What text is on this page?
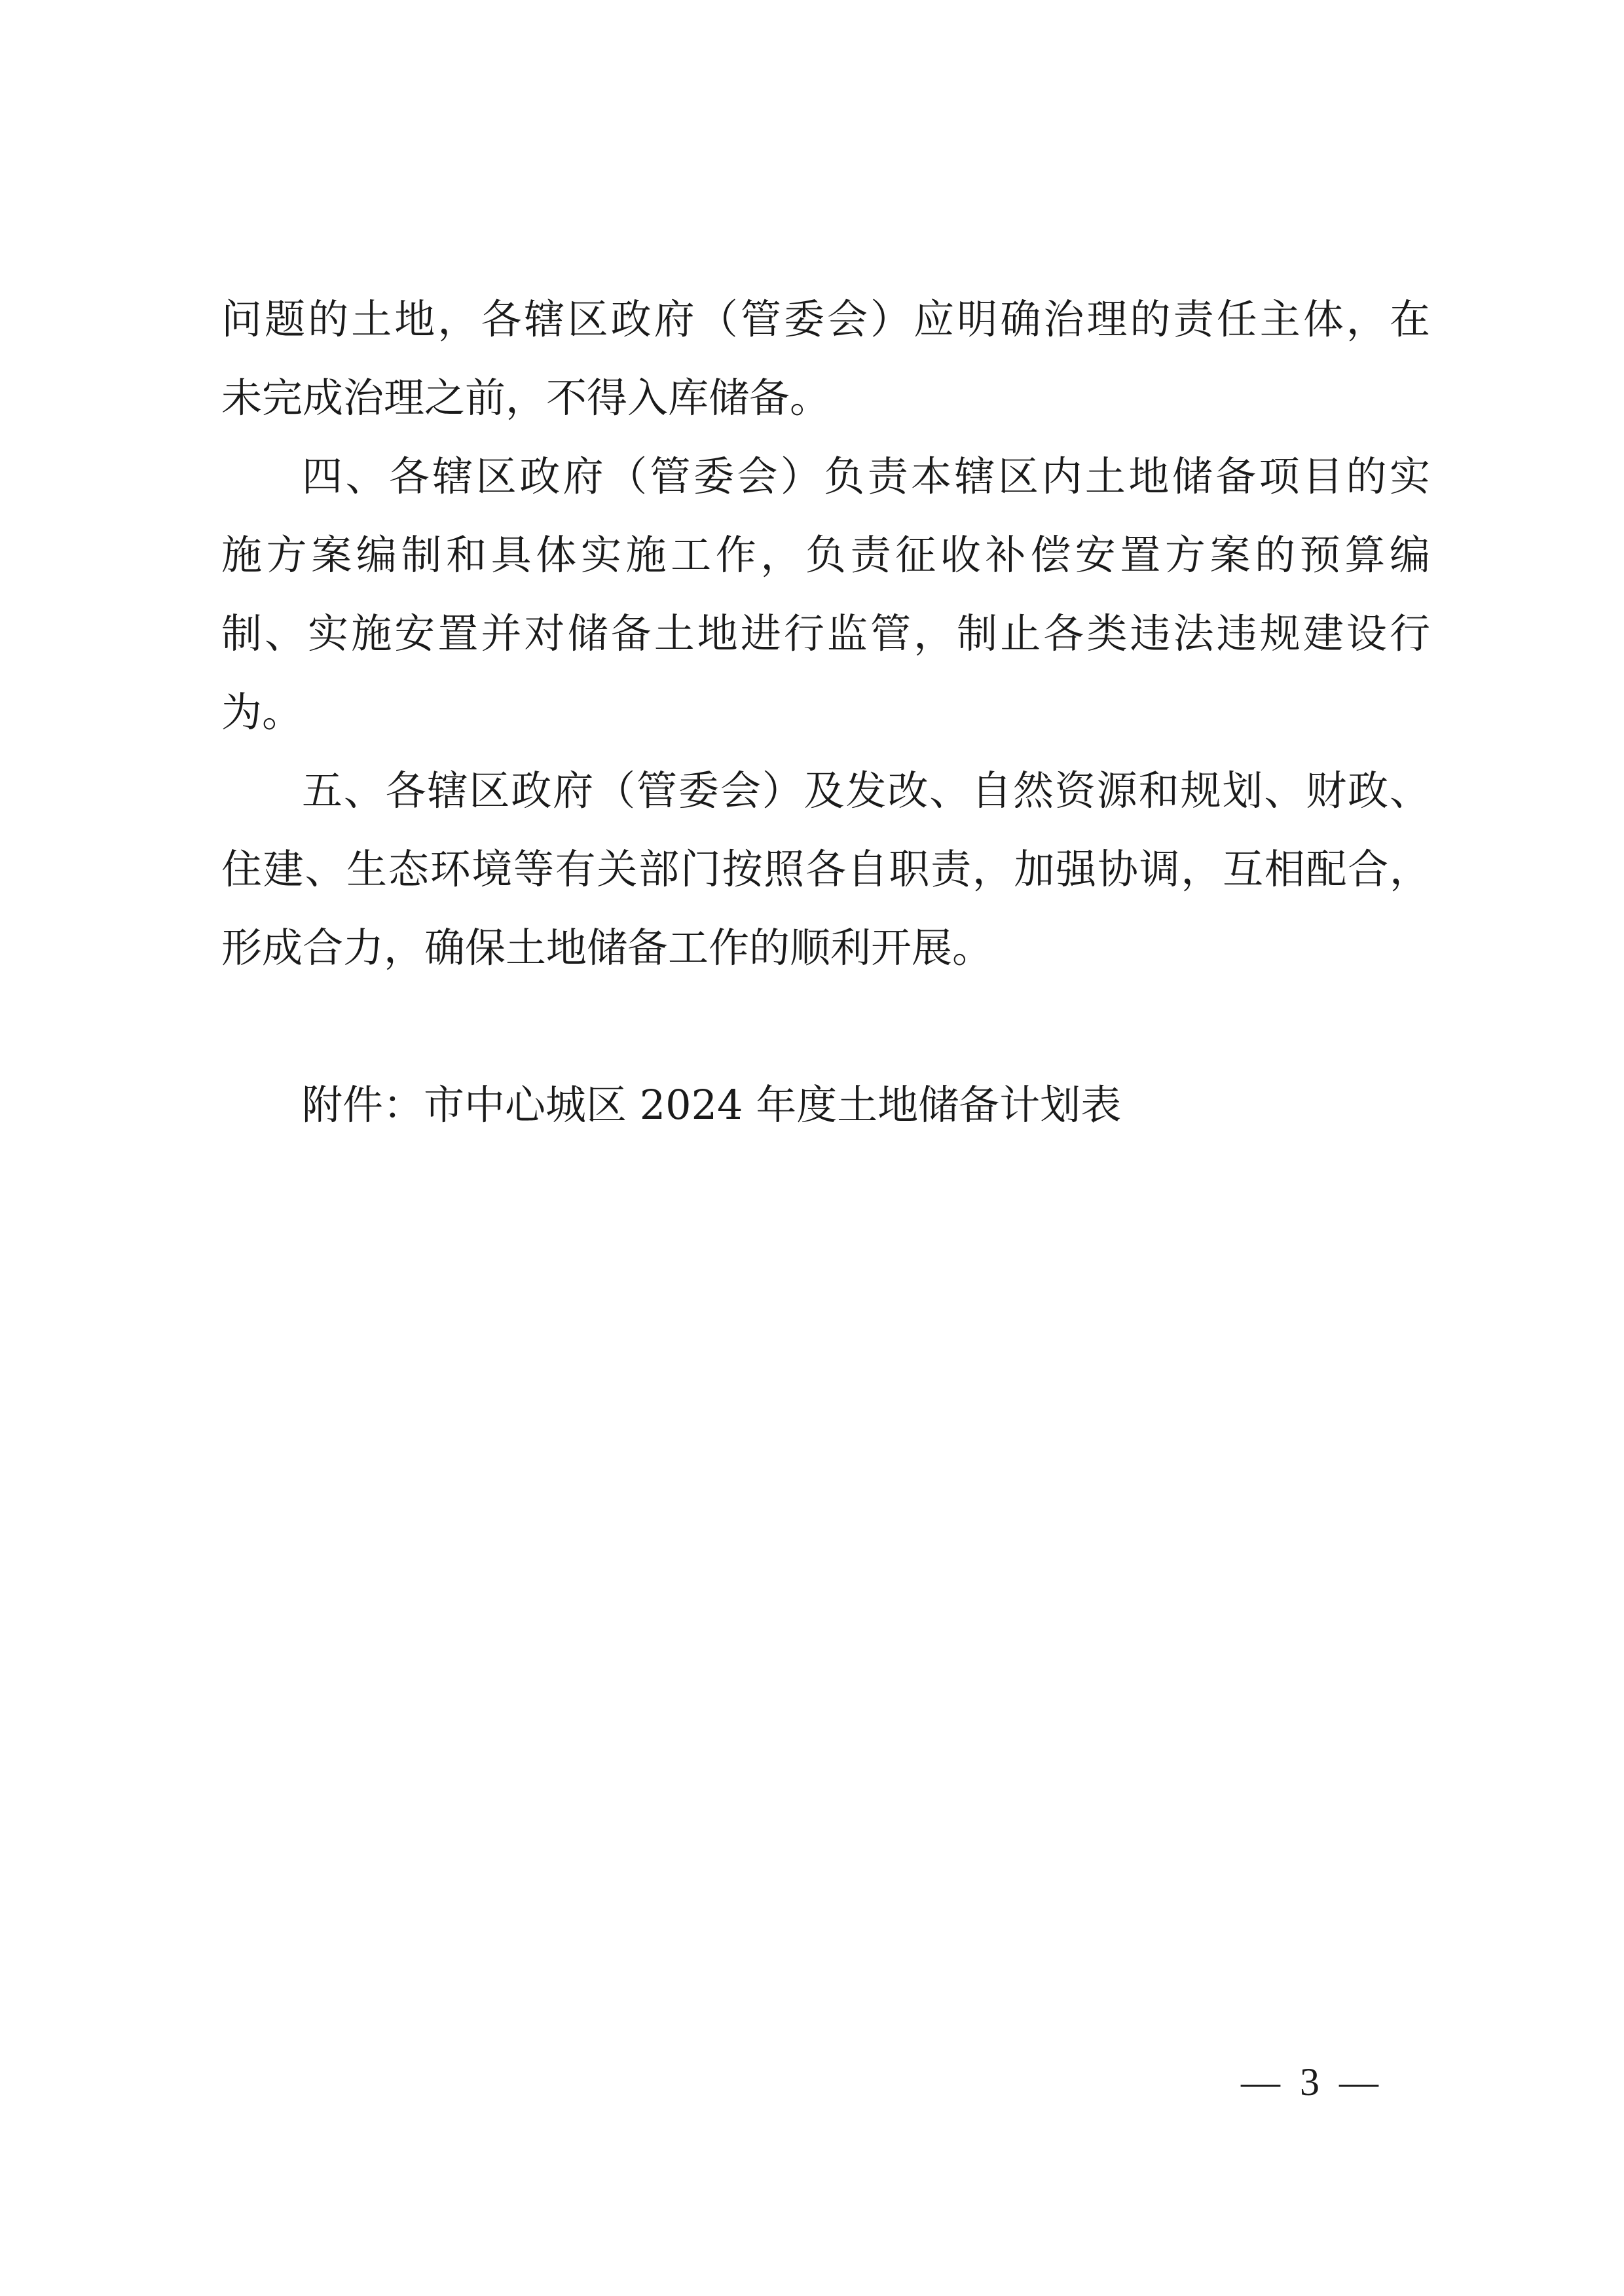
问题的土地，各辖区政府（管委会）应明确治理的责任主体，在
未完成治理之前，不得入库储备。
四、各辖区政府（管委会）负责本辖区内土地储备项目的实
施方案编制和具体实施工作，负责征收补偿安置方案的预算编
制、实施安置并对储备土地进行监管，制止各类违法违规建设行
为。
五、各辖区政府（管委会）及发改、自然资源和规划、财政、
住建、生态环境等有关部门按照各自职责，加强协调，互相配合，
形成合力，确保土地储备工作的顺利开展。
附件：市中心城区 2024 年度土地储备计划表
—  3  —
